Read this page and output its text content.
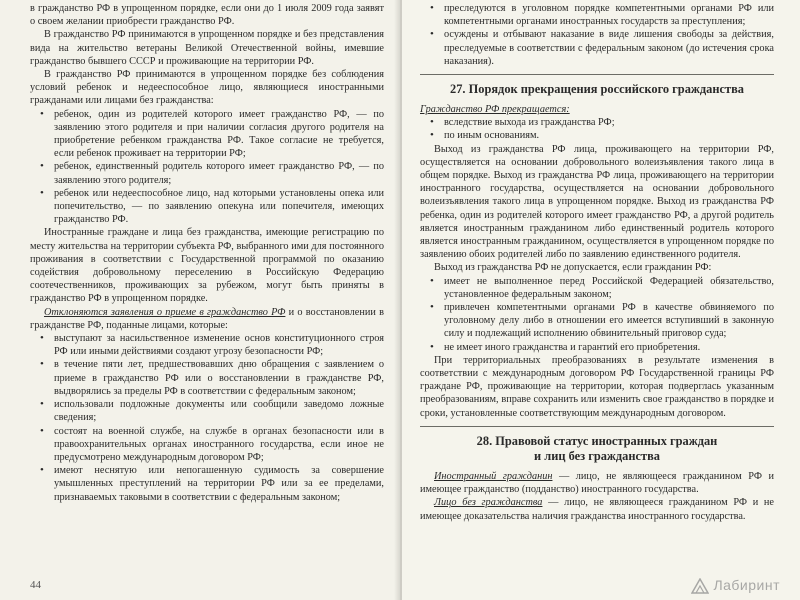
в гражданство РФ в упрощенном порядке, если они до 1 июля 2009 года заявят о своем желании приобрести гражданство РФ.

В гражданство РФ принимаются в упрощенном порядке и без представления вида на жительство ветераны Великой Отечественной войны, имевшие гражданство бывшего СССР и проживающие на территории РФ.

В гражданство РФ принимаются в упрощенном порядке без соблюдения условий ребенок и недееспособное лицо, являющиеся иностранными гражданами или лицами без гражданства:

• ребенок, один из родителей которого имеет гражданство РФ, — по заявлению этого родителя и при наличии согласия другого родителя на приобретение ребенком гражданства РФ. Такое согласие не требуется, если ребенок проживает на территории РФ;
• ребенок, единственный родитель которого имеет гражданство РФ, — по заявлению этого родителя;
• ребенок или недееспособное лицо, над которыми установлены опека или попечительство, — по заявлению опекуна или попечителя, имеющих гражданство РФ.

Иностранные граждане и лица без гражданства, имеющие регистрацию по месту жительства на территории субъекта РФ, выбранного ими для постоянного проживания в соответствии с Государственной программой по оказанию содействия добровольному переселению в Российскую Федерацию соотечественников, проживающих за рубежом, могут быть приняты в гражданство РФ в упрощенном порядке.

Отклоняются заявления о приеме в гражданство РФ и о восстановлении в гражданстве РФ, поданные лицами, которые:

• выступают за насильственное изменение основ конституционного строя РФ или иными действиями создают угрозу безопасности РФ;
• в течение пяти лет, предшествовавших дню обращения с заявлением о приеме в гражданство РФ или о восстановлении в гражданстве РФ, выдворялись за пределы РФ в соответствии с федеральным законом;
• использовали подложные документы или сообщили заведомо ложные сведения;
• состоят на военной службе, на службе в органах безопасности или в правоохранительных органах иностранного государства, если иное не предусмотрено международным договором РФ;
• имеют неснятую или непогашенную судимость за совершение умышленных преступлений на территории РФ или за ее пределами, признаваемых таковыми в соответствии с федеральным законом;
44
• преследуются в уголовном порядке компетентными органами РФ или компетентными органами иностранных государств за преступления;
• осуждены и отбывают наказание в виде лишения свободы за действия, преследуемые в соответствии с федеральным законом (до истечения срока наказания).
27. Порядок прекращения российского гражданства

Гражданство РФ прекращается:

• вследствие выхода из гражданства РФ;
• по иным основаниям.

Выход из гражданства РФ лица, проживающего на территории РФ, осуществляется на основании добровольного волеизъявления такого лица в общем порядке. Выход из гражданства РФ лица, проживающего на территории иностранного государства, осуществляется на основании добровольного волеизъявления такого лица в упрощенном порядке. Выход из гражданства РФ ребенка, один из родителей которого имеет гражданство РФ, а другой родитель является иностранным гражданином либо единственный родитель которого является иностранным гражданином, осуществляется в упрощенном порядке по заявлению обоих родителей либо по заявлению единственного родителя.

Выход из гражданства РФ не допускается, если гражданин РФ:

• имеет не выполненное перед Российской Федерацией обязательство, установленное федеральным законом;
• привлечен компетентными органами РФ в качестве обвиняемого по уголовному делу либо в отношении его имеется вступивший в законную силу и подлежащий исполнению обвинительный приговор суда;
• не имеет иного гражданства и гарантий его приобретения.

При территориальных преобразованиях в результате изменения в соответствии с международным договором РФ Государственной границы РФ граждане РФ, проживающие на территории, которая подверглась указанным преобразованиям, вправе сохранить или изменить свое гражданство в порядке и сроки, установленные соответствующим международным договором.

28. Правовой статус иностранных граждан
и лиц без гражданства

Иностранный гражданин — лицо, не являющееся гражданином РФ и имеющее гражданство (подданство) иностранного государства.

Лицо без гражданства — лицо, не являющееся гражданином РФ и не имеющее доказательства наличия гражданства иностранного государства.

Лабиринт
